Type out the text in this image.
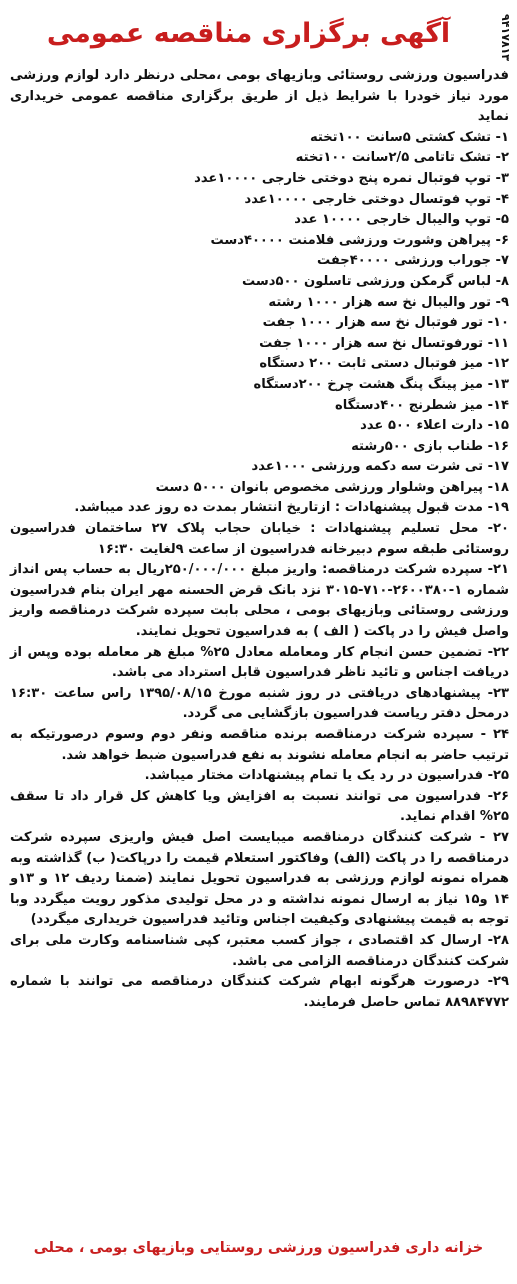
۹۴۱۷۸۱۳
آگهی برگزاری مناقصه عمومی
فدراسیون ورزشی روستائی وبازیهای بومی ،محلی درنظر دارد لوازم ورزشی مورد نیاز خودرا با شرایط ذیل از طریق برگزاری مناقصه عمومی خریداری نماید
۱- تشک کشتی ۵سانت ۱۰۰تخته
۲- تشک تاتامی ۲/۵سانت ۱۰۰تخته
۳- توپ فوتبال نمره پنج دوختی خارجی ۱۰۰۰۰عدد
۴- توپ فوتسال دوختی خارجی ۱۰۰۰۰عدد
۵- توپ والیبال خارجی ۱۰۰۰۰ عدد
۶- پیراهن وشورت ورزشی فلامنت ۴۰۰۰۰دست
۷- جوراب ورزشی ۴۰۰۰۰جفت
۸- لباس گرمکن ورزشی تاسلون ۵۰۰دست
۹- تور والیبال نخ سه هزار ۱۰۰۰ رشته
۱۰- تور فوتبال نخ سه هزار ۱۰۰۰ جفت
۱۱- تورفوتسال نخ سه هزار ۱۰۰۰ جفت
۱۲- میز فوتبال دستی ثابت ۲۰۰ دستگاه
۱۳- میز پینگ پنگ هشت چرخ ۲۰۰دستگاه
۱۴- میز شطرنج ۴۰۰دستگاه
۱۵- دارت اعلاء ۵۰۰ عدد
۱۶- طناب بازی ۵۰۰رشته
۱۷- تی شرت سه دکمه ورزشی ۱۰۰۰عدد
۱۸- پیراهن وشلوار ورزشی مخصوص بانوان ۵۰۰۰ دست
۱۹- مدت قبول پیشنهادات : ازتاریخ انتشار بمدت ده روز عدد میباشد.
۲۰- محل تسلیم پیشنهادات : خیابان حجاب پلاک ۲۷ ساختمان فدراسیون روستائی طبقه سوم دبیرخانه فدراسیون از ساعت ۹لغایت ۱۶:۳۰
۲۱- سپرده شرکت درمناقصه: واریز مبلغ ۲۵۰/۰۰۰/۰۰۰ریال به حساب پس انداز شماره ۱-۲۶۰۰۳۸۰-۷۱۰-۳۰۱۵ نزد بانک قرض الحسنه مهر ایران بنام فدراسیون ورزشی روستائی وبازیهای بومی ، محلی بابت سپرده شرکت درمناقصه واریز واصل فیش را در پاکت ( الف ) به فدراسیون تحویل نمایند.
۲۲- تضمین حسن انجام کار ومعامله معادل ۲۵% مبلغ هر معامله بوده وپس از دریافت اجناس و تائید ناظر فدراسیون قابل استرداد می باشد.
۲۳- پیشنهادهای دریافتی در روز شنبه مورخ ۱۳۹۵/۰۸/۱۵ راس ساعت ۱۶:۳۰ درمحل دفتر ریاست فدراسیون بازگشایی می گردد.
۲۴ - سپرده شرکت درمناقصه برنده مناقصه ونفر دوم وسوم درصورتیکه به ترتیب حاضر به انجام معامله نشوند به نفع فدراسیون ضبط خواهد شد.
۲۵- فدراسیون در رد یک یا تمام پیشنهادات مختار میباشد.
۲۶- فدراسیون می توانند نسبت به افزایش ویا کاهش کل قرار داد تا سقف ۲۵% اقدام نماید.
۲۷ - شرکت کنندگان درمناقصه میبایست اصل فیش واریزی سپرده شرکت درمناقصه را در پاکت (الف) وفاکتور استعلام قیمت را درپاکت( ب) گذاشته وبه همراه نمونه لوازم ورزشی به فدراسیون تحویل نمایند (ضمنا ردیف ۱۲ و ۱۳و ۱۴ و۱۵ نیاز به ارسال نمونه نداشته و در محل تولیدی مذکور رویت میگردد وبا توجه به قیمت پیشنهادی وکیفیت اجناس وتائید فدراسیون خریداری میگردد)
۲۸- ارسال کد اقتصادی ، جواز کسب معتبر، کپی شناسنامه وکارت ملی برای شرکت کنندگان درمناقصه الزامی می باشد.
۲۹- درصورت هرگونه ابهام شرکت کنندگان درمناقصه می توانند با شماره ۸۸۹۸۴۷۷۲ تماس حاصل فرمایند.
خزانه داری فدراسیون ورزشی روستایی وبازیهای بومی ، محلی
